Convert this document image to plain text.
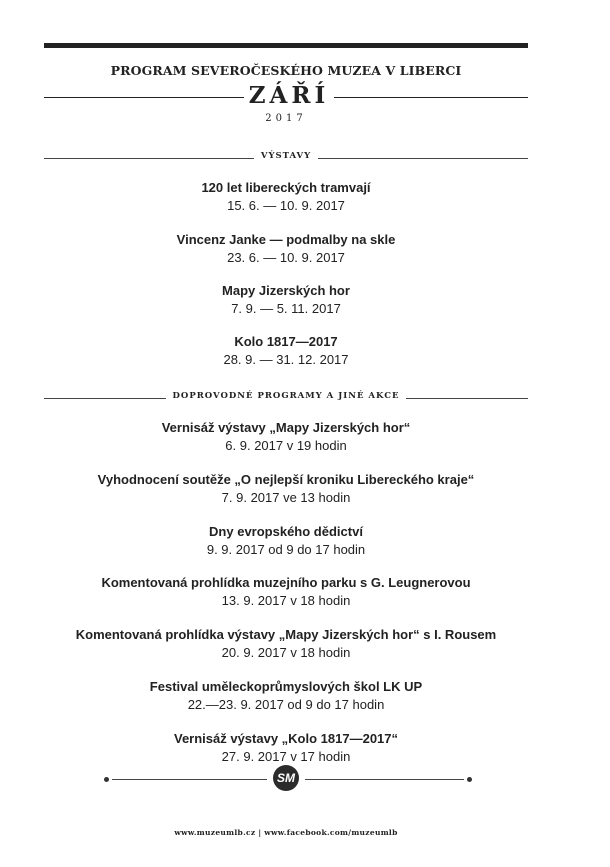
PROGRAM SEVEROČESKÉHO MUZEA V LIBERCI
ZÁŘÍ
2017
VÝSTAVY
120 let libereckých tramvají
15. 6. — 10. 9. 2017
Vincenz Janke — podmalby na skle
23. 6. — 10. 9. 2017
Mapy Jizerských hor
7. 9. — 5. 11. 2017
Kolo 1817—2017
28. 9. — 31. 12. 2017
DOPROVODNÉ PROGRAMY A JINÉ AKCE
Vernisáž výstavy „Mapy Jizerských hor“
6. 9. 2017 v 19 hodin
Vyhodnocení soutěže „O nejlepší kroniku Libereckého kraje“
7. 9. 2017 ve 13 hodin
Dny evropského dědictví
9. 9. 2017 od 9 do 17 hodin
Komentovaná prohlídka muzejního parku s G. Leugnerovou
13. 9. 2017 v 18 hodin
Komentovaná prohlídka výstavy „Mapy Jizerských hor“ s I. Rousem
20. 9. 2017 v 18 hodin
Festival uměleckoprůmyslových škol LK UP
22.—23. 9. 2017 od 9 do 17 hodin
Vernisáž výstavy „Kolo 1817—2017“
27. 9. 2017 v 17 hodin
SM
www.muzeumlb.cz | www.facebook.com/muzeumlb
